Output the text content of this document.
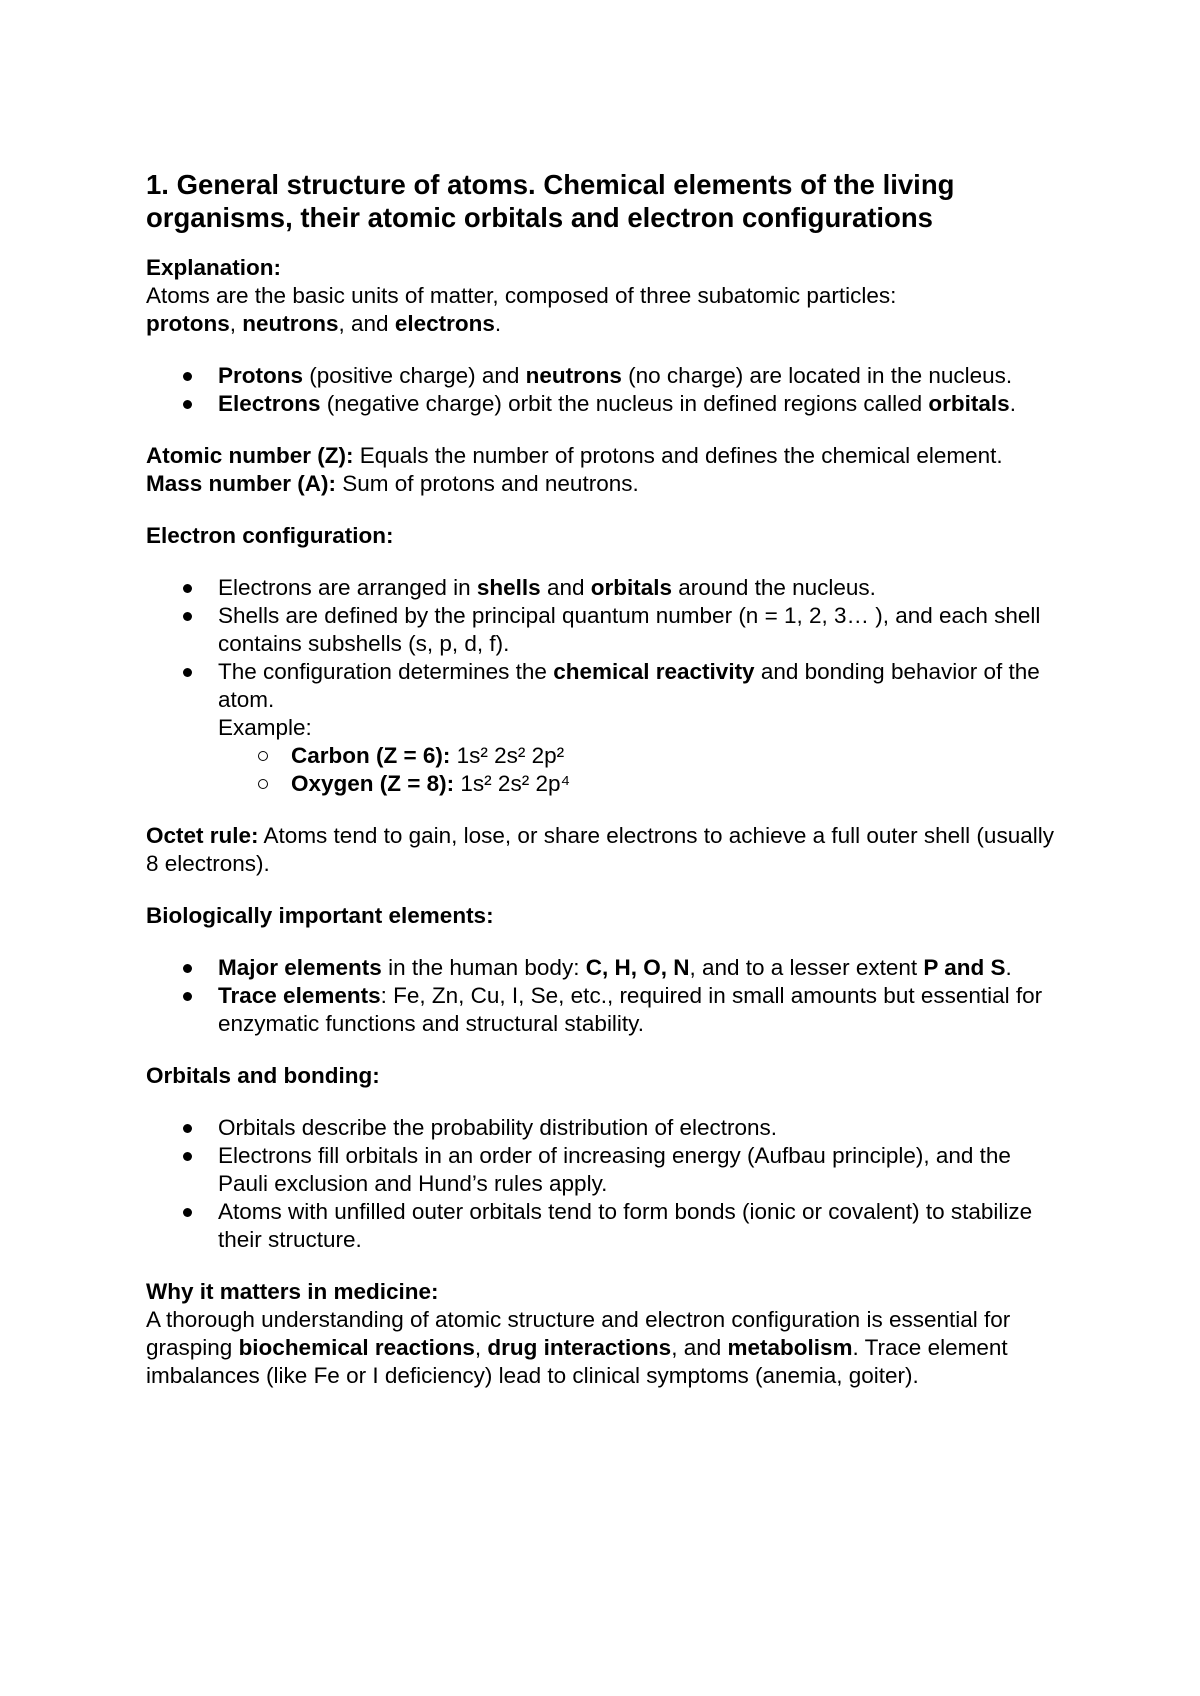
1. General structure of atoms. Chemical elements of the living organisms, their atomic orbitals and electron configurations

Explanation:

Atoms are the basic units of matter, composed of three subatomic particles:
protons, neutrons, and electrons.

Protons (positive charge) and neutrons (no charge) are located in the nucleus.
Electrons (negative charge) orbit the nucleus in defined regions called orbitals.

Atomic number (Z): Equals the number of protons and defines the chemical element.

Mass number (A): Sum of protons and neutrons.

Electron configuration:

Electrons are arranged in shells and orbitals around the nucleus.
Shells are defined by the principal quantum number (n = 1, 2, 3… ), and each shell contains subshells (s, p, d, f).
The configuration determines the chemical reactivity and bonding behavior of the atom.
Example:
Carbon (Z = 6): 1s² 2s² 2p²
Oxygen (Z = 8): 1s² 2s² 2p⁴

Octet rule: Atoms tend to gain, lose, or share electrons to achieve a full outer shell (usually 8 electrons).

Biologically important elements:

Major elements in the human body: C, H, O, N, and to a lesser extent P and S.
Trace elements: Fe, Zn, Cu, I, Se, etc., required in small amounts but essential for enzymatic functions and structural stability.

Orbitals and bonding:

Orbitals describe the probability distribution of electrons.
Electrons fill orbitals in an order of increasing energy (Aufbau principle), and the Pauli exclusion and Hund’s rules apply.
Atoms with unfilled outer orbitals tend to form bonds (ionic or covalent) to stabilize their structure.

Why it matters in medicine:

A thorough understanding of atomic structure and electron configuration is essential for grasping biochemical reactions, drug interactions, and metabolism. Trace element imbalances (like Fe or I deficiency) lead to clinical symptoms (anemia, goiter).
